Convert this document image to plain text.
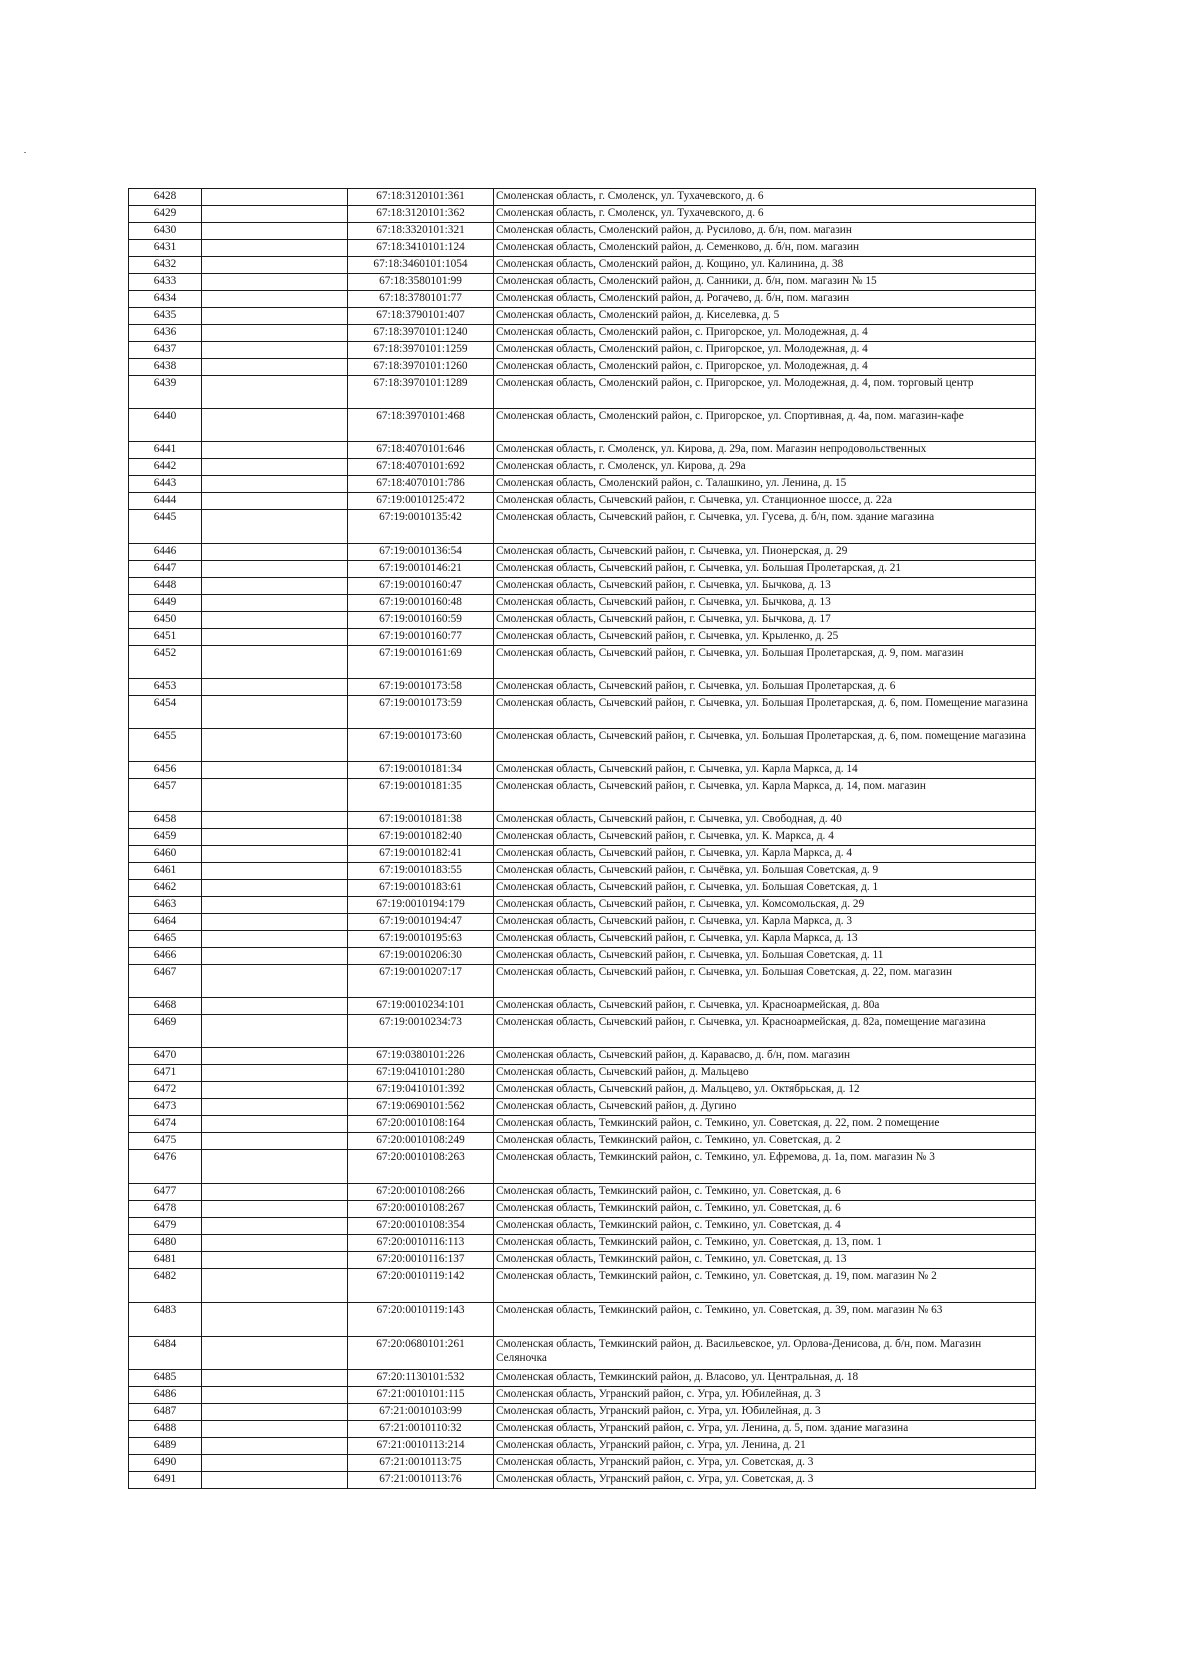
6428		67:18:3120101:361	Смоленская область, г. Смоленск, ул. Тухачевского, д. 6
6429		67:18:3120101:362	Смоленская область, г. Смоленск, ул. Тухачевского, д. 6
6430		67:18:3320101:321	Смоленская область, Смоленский район, д. Русилово, д. б/н, пом. магазин
6431		67:18:3410101:124	Смоленская область, Смоленский район, д. Семенково, д. б/н, пом. магазин
6432		67:18:3460101:1054	Смоленская область, Смоленский район, д. Кощино, ул. Калинина, д. 38
6433		67:18:3580101:99	Смоленская область, Смоленский район, д. Санники, д. б/н, пом. магазин № 15
6434		67:18:3780101:77	Смоленская область, Смоленский район, д. Рогачево, д. б/н, пом. магазин
6435		67:18:3790101:407	Смоленская область, Смоленский район, д. Киселевка, д. 5
6436		67:18:3970101:1240	Смоленская область, Смоленский район, с. Пригорское, ул. Молодежная, д. 4
6437		67:18:3970101:1259	Смоленская область, Смоленский район, с. Пригорское, ул. Молодежная, д. 4
6438		67:18:3970101:1260	Смоленская область, Смоленский район, с. Пригорское, ул. Молодежная, д. 4
6439		67:18:3970101:1289	Смоленская область, Смоленский район, с. Пригорское, ул. Молодежная, д. 4, пом. торговый центр
6440		67:18:3970101:468	Смоленская область, Смоленский район, с. Пригорское, ул. Спортивная, д. 4а, пом. магазин-кафе
6441		67:18:4070101:646	Смоленская область, г. Смоленск, ул. Кирова, д. 29а, пом. Магазин непродовольственных
6442		67:18:4070101:692	Смоленская область, г. Смоленск, ул. Кирова, д. 29а
6443		67:18:4070101:786	Смоленская область, Смоленский район, с. Талашкино, ул. Ленина, д. 15
6444		67:19:0010125:472	Смоленская область, Сычевский район, г. Сычевка, ул. Станционное шоссе, д. 22а
6445		67:19:0010135:42	Смоленская область, Сычевский район, г. Сычевка, ул. Гусева, д. б/н, пом. здание магазина
6446		67:19:0010136:54	Смоленская область, Сычевский район, г. Сычевка, ул. Пионерская, д. 29
6447		67:19:0010146:21	Смоленская область, Сычевский район, г. Сычевка, ул. Большая Пролетарская, д. 21
6448		67:19:0010160:47	Смоленская область, Сычевский район, г. Сычевка, ул. Бычкова, д. 13
6449		67:19:0010160:48	Смоленская область, Сычевский район, г. Сычевка, ул. Бычкова, д. 13
6450		67:19:0010160:59	Смоленская область, Сычевский район, г. Сычевка, ул. Бычкова, д. 17
6451		67:19:0010160:77	Смоленская область, Сычевский район, г. Сычевка, ул. Крыленко, д. 25
6452		67:19:0010161:69	Смоленская область, Сычевский район, г. Сычевка, ул. Большая Пролетарская, д. 9, пом. магазин
6453		67:19:0010173:58	Смоленская область, Сычевский район, г. Сычевка, ул. Большая Пролетарская, д. 6
6454		67:19:0010173:59	Смоленская область, Сычевский район, г. Сычевка, ул. Большая Пролетарская, д. 6, пом. Помещение магазина
6455		67:19:0010173:60	Смоленская область, Сычевский район, г. Сычевка, ул. Большая Пролетарская, д. 6, пом. помещение магазина
6456		67:19:0010181:34	Смоленская область, Сычевский район, г. Сычевка, ул. Карла Маркса, д. 14
6457		67:19:0010181:35	Смоленская область, Сычевский район, г. Сычевка, ул. Карла Маркса, д. 14, пом. магазин
6458		67:19:0010181:38	Смоленская область, Сычевский район, г. Сычевка, ул. Свободная, д. 40
6459		67:19:0010182:40	Смоленская область, Сычевский район, г. Сычевка, ул. К. Маркса, д. 4
6460		67:19:0010182:41	Смоленская область, Сычевский район, г. Сычевка, ул. Карла Маркса, д. 4
6461		67:19:0010183:55	Смоленская область, Сычевский район, г. Сычёвка, ул. Большая Советская, д. 9
6462		67:19:0010183:61	Смоленская область, Сычевский район, г. Сычевка, ул. Большая Советская, д. 1
6463		67:19:0010194:179	Смоленская область, Сычевский район, г. Сычевка, ул. Комсомольская, д. 29
6464		67:19:0010194:47	Смоленская область, Сычевский район, г. Сычевка, ул. Карла Маркса, д. 3
6465		67:19:0010195:63	Смоленская область, Сычевский район, г. Сычевка, ул. Карла Маркса, д. 13
6466		67:19:0010206:30	Смоленская область, Сычевский район, г. Сычевка, ул. Большая Советская, д. 11
6467		67:19:0010207:17	Смоленская область, Сычевский район, г. Сычевка, ул. Большая Советская, д. 22, пом. магазин
6468		67:19:0010234:101	Смоленская область, Сычевский район, г. Сычевка, ул. Красноармейская, д. 80а
6469		67:19:0010234:73	Смоленская область, Сычевский район, г. Сычевка, ул. Красноармейская, д. 82а, помещение магазина
6470		67:19:0380101:226	Смоленская область, Сычевский район, д. Каравасво, д. б/н, пом. магазин
6471		67:19:0410101:280	Смоленская область, Сычевский район, д. Мальцево
6472		67:19:0410101:392	Смоленская область, Сычевский район, д. Мальцево, ул. Октябрьская, д. 12
6473		67:19:0690101:562	Смоленская область, Сычевский район, д. Дугино
6474		67:20:0010108:164	Смоленская область, Темкинский район, с. Темкино, ул. Советская, д. 22, пом. 2 помещение
6475		67:20:0010108:249	Смоленская область, Темкинский район, с. Темкино, ул. Советская, д. 2
6476		67:20:0010108:263	Смоленская область, Темкинский район, с. Темкино, ул. Ефремова, д. 1а, пом. магазин № 3
6477		67:20:0010108:266	Смоленская область, Темкинский район, с. Темкино, ул. Советская, д. 6
6478		67:20:0010108:267	Смоленская область, Темкинский район, с. Темкино, ул. Советская, д. 6
6479		67:20:0010108:354	Смоленская область, Темкинский район, с. Темкино, ул. Советская, д. 4
6480		67:20:0010116:113	Смоленская область, Темкинский район, с. Темкино, ул. Советская, д. 13, пом. 1
6481		67:20:0010116:137	Смоленская область, Темкинский район, с. Темкино, ул. Советская, д. 13
6482		67:20:0010119:142	Смоленская область, Темкинский район, с. Темкино, ул. Советская, д. 19, пом. магазин № 2
6483		67:20:0010119:143	Смоленская область, Темкинский район, с. Темкино, ул. Советская, д. 39, пом. магазин № 63
6484		67:20:0680101:261	Смоленская область, Темкинский район, д. Васильевское, ул. Орлова-Денисова, д. б/н, пом. Магазин Селяночка
6485		67:20:1130101:532	Смоленская область, Темкинский район, д. Власово, ул. Центральная, д. 18
6486		67:21:0010101:115	Смоленская область, Угранский район, с. Угра, ул. Юбилейная, д. 3
6487		67:21:0010103:99	Смоленская область, Угранский район, с. Угра, ул. Юбилейная, д. 3
6488		67:21:0010110:32	Смоленская область, Угранский район, с. Угра, ул. Ленина, д. 5, пом. здание магазина
6489		67:21:0010113:214	Смоленская область, Угранский район, с. Угра, ул. Ленина, д. 21
6490		67:21:0010113:75	Смоленская область, Угранский район, с. Угра, ул. Советская, д. 3
6491		67:21:0010113:76	Смоленская область, Угранский район, с. Угра, ул. Советская, д. 3
